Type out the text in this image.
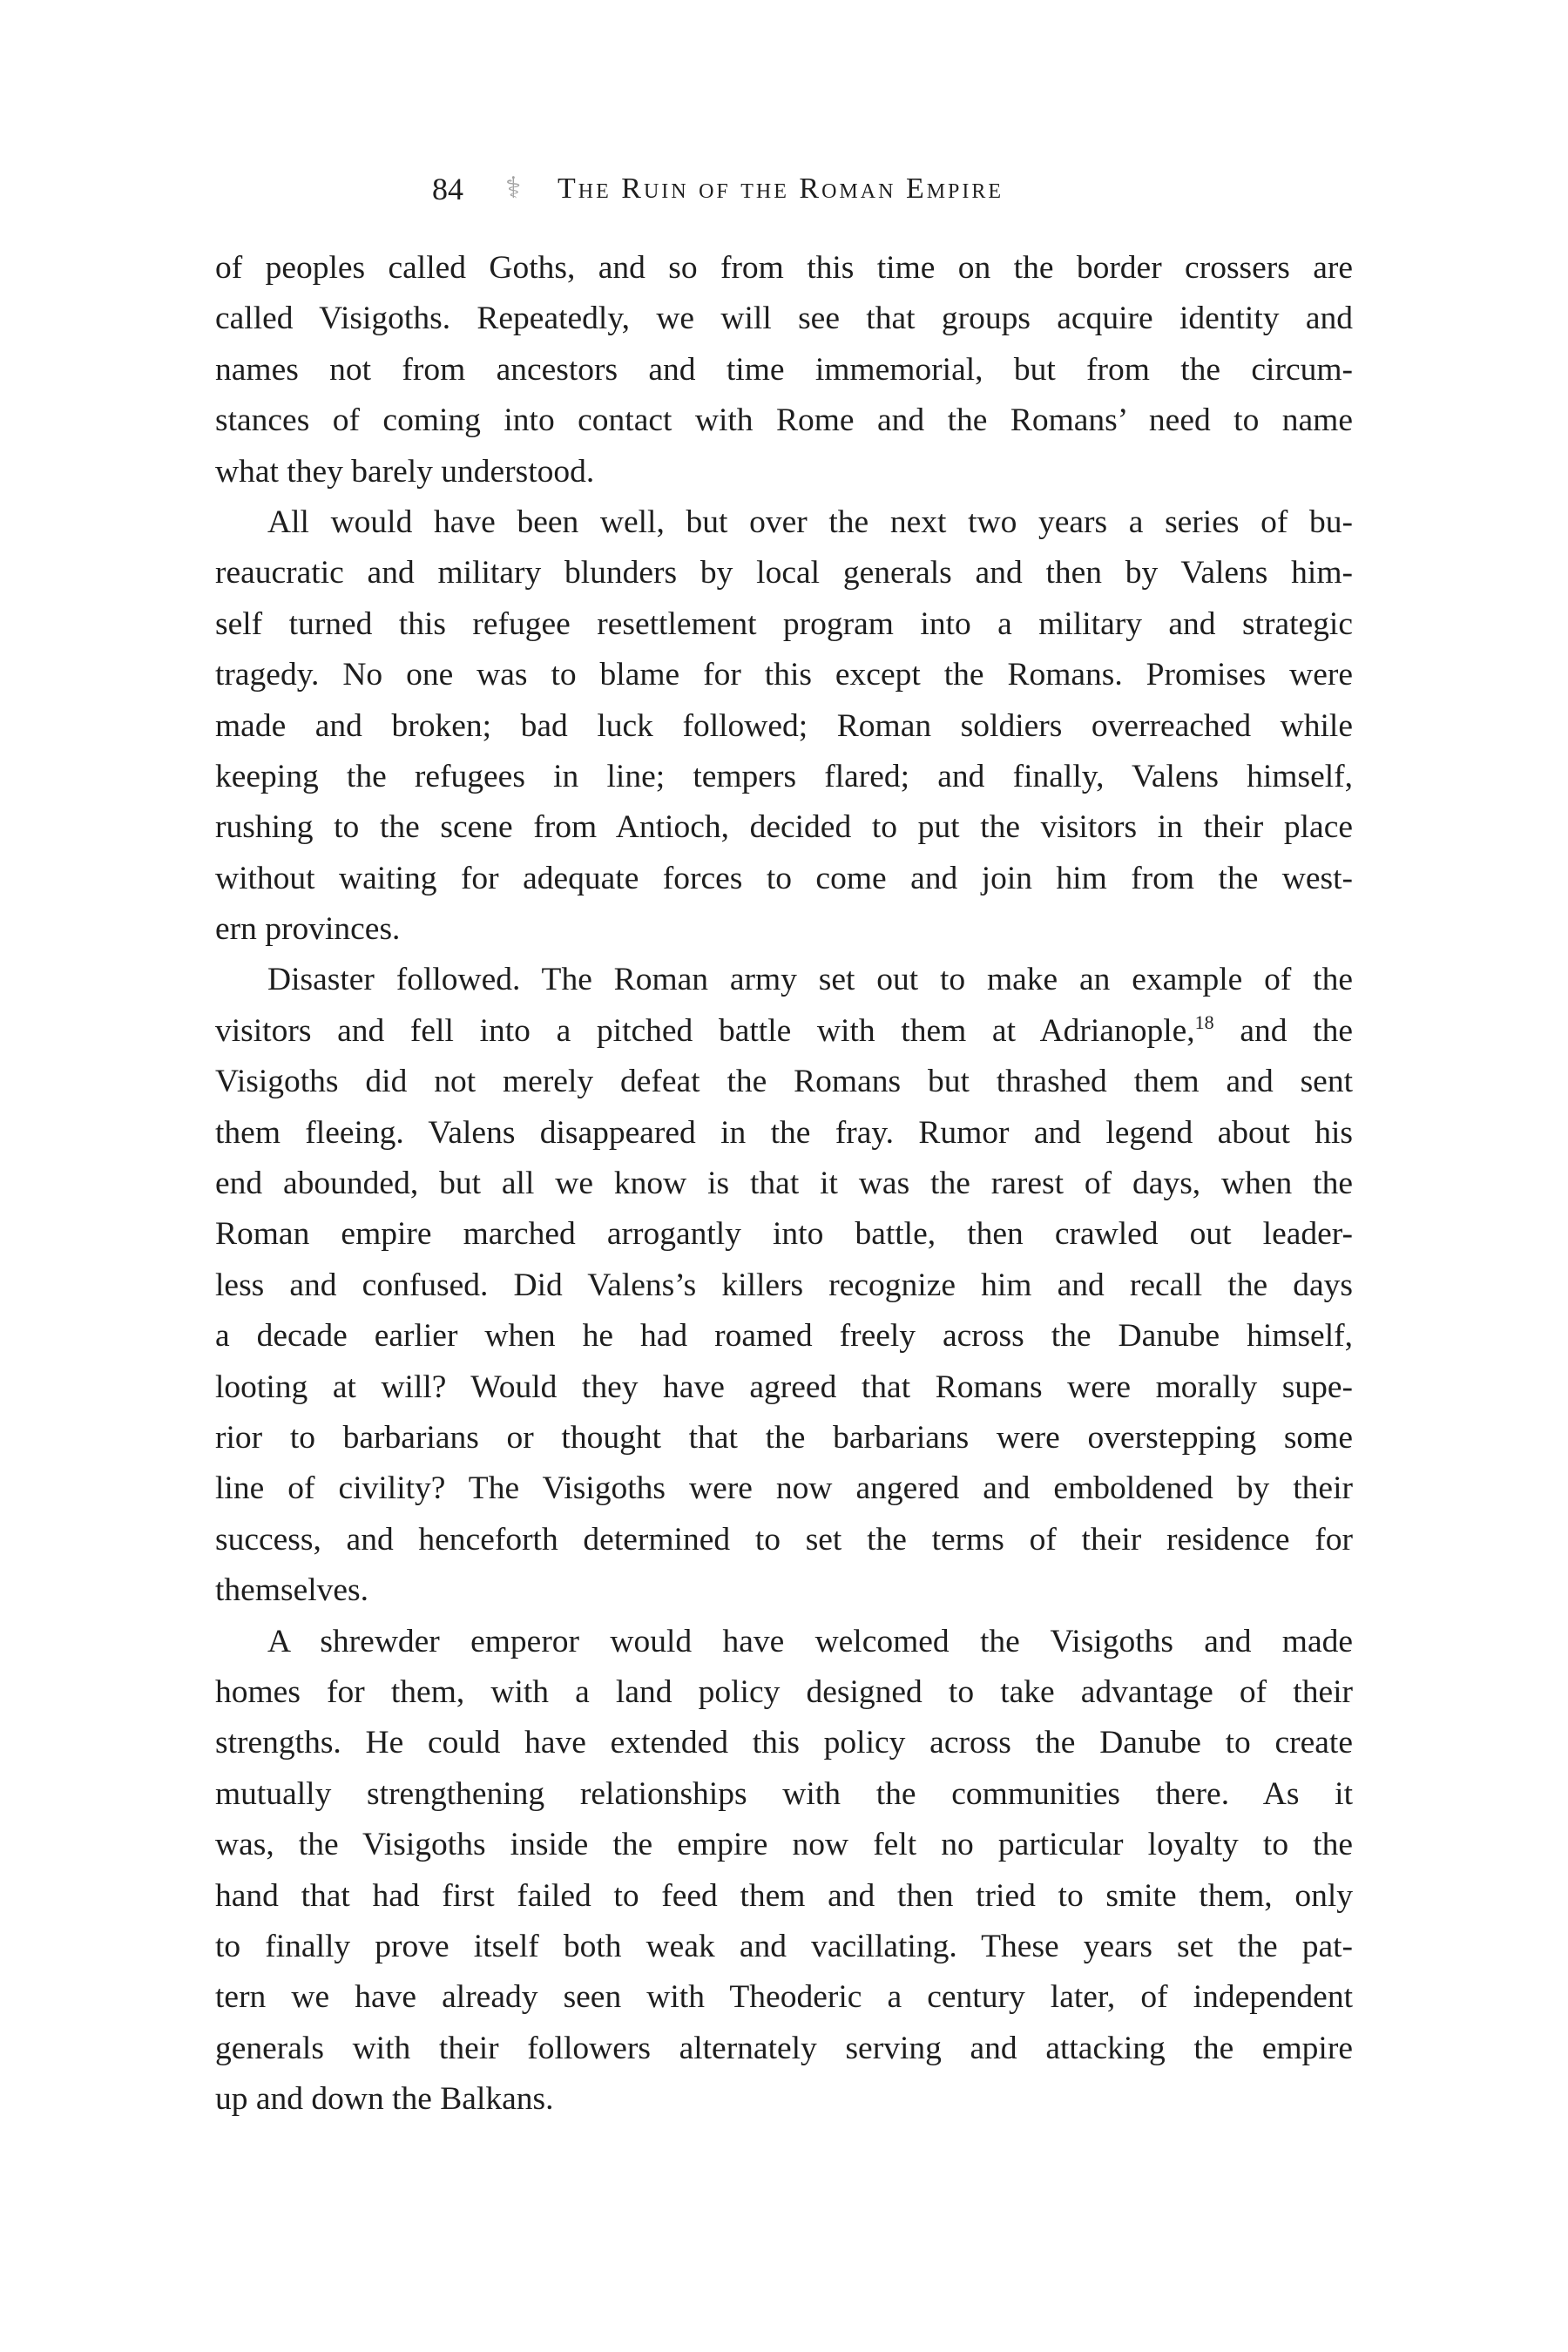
84 ⚕ The Ruin of the Roman Empire
of peoples called Goths, and so from this time on the border crossers are
called Visigoths. Repeatedly, we will see that groups acquire identity and
names not from ancestors and time immemorial, but from the circum-
stances of coming into contact with Rome and the Romans’ need to name
what they barely understood.
All would have been well, but over the next two years a series of bu-
reaucratic and military blunders by local generals and then by Valens him-
self turned this refugee resettlement program into a military and strategic
tragedy. No one was to blame for this except the Romans. Promises were
made and broken; bad luck followed; Roman soldiers overreached while
keeping the refugees in line; tempers flared; and finally, Valens himself,
rushing to the scene from Antioch, decided to put the visitors in their place
without waiting for adequate forces to come and join him from the west-
ern provinces.
Disaster followed. The Roman army set out to make an example of the
visitors and fell into a pitched battle with them at Adrianople,$^{18}$ and the
Visigoths did not merely defeat the Romans but thrashed them and sent
them fleeing. Valens disappeared in the fray. Rumor and legend about his
end abounded, but all we know is that it was the rarest of days, when the
Roman empire marched arrogantly into battle, then crawled out leader-
less and confused. Did Valens’s killers recognize him and recall the days
a decade earlier when he had roamed freely across the Danube himself,
looting at will? Would they have agreed that Romans were morally supe-
rior to barbarians or thought that the barbarians were overstepping some
line of civility? The Visigoths were now angered and emboldened by their
success, and henceforth determined to set the terms of their residence for
themselves.
A shrewder emperor would have welcomed the Visigoths and made
homes for them, with a land policy designed to take advantage of their
strengths. He could have extended this policy across the Danube to create
mutually strengthening relationships with the communities there. As it
was, the Visigoths inside the empire now felt no particular loyalty to the
hand that had first failed to feed them and then tried to smite them, only
to finally prove itself both weak and vacillating. These years set the pat-
tern we have already seen with Theoderic a century later, of independent
generals with their followers alternately serving and attacking the empire
up and down the Balkans.
